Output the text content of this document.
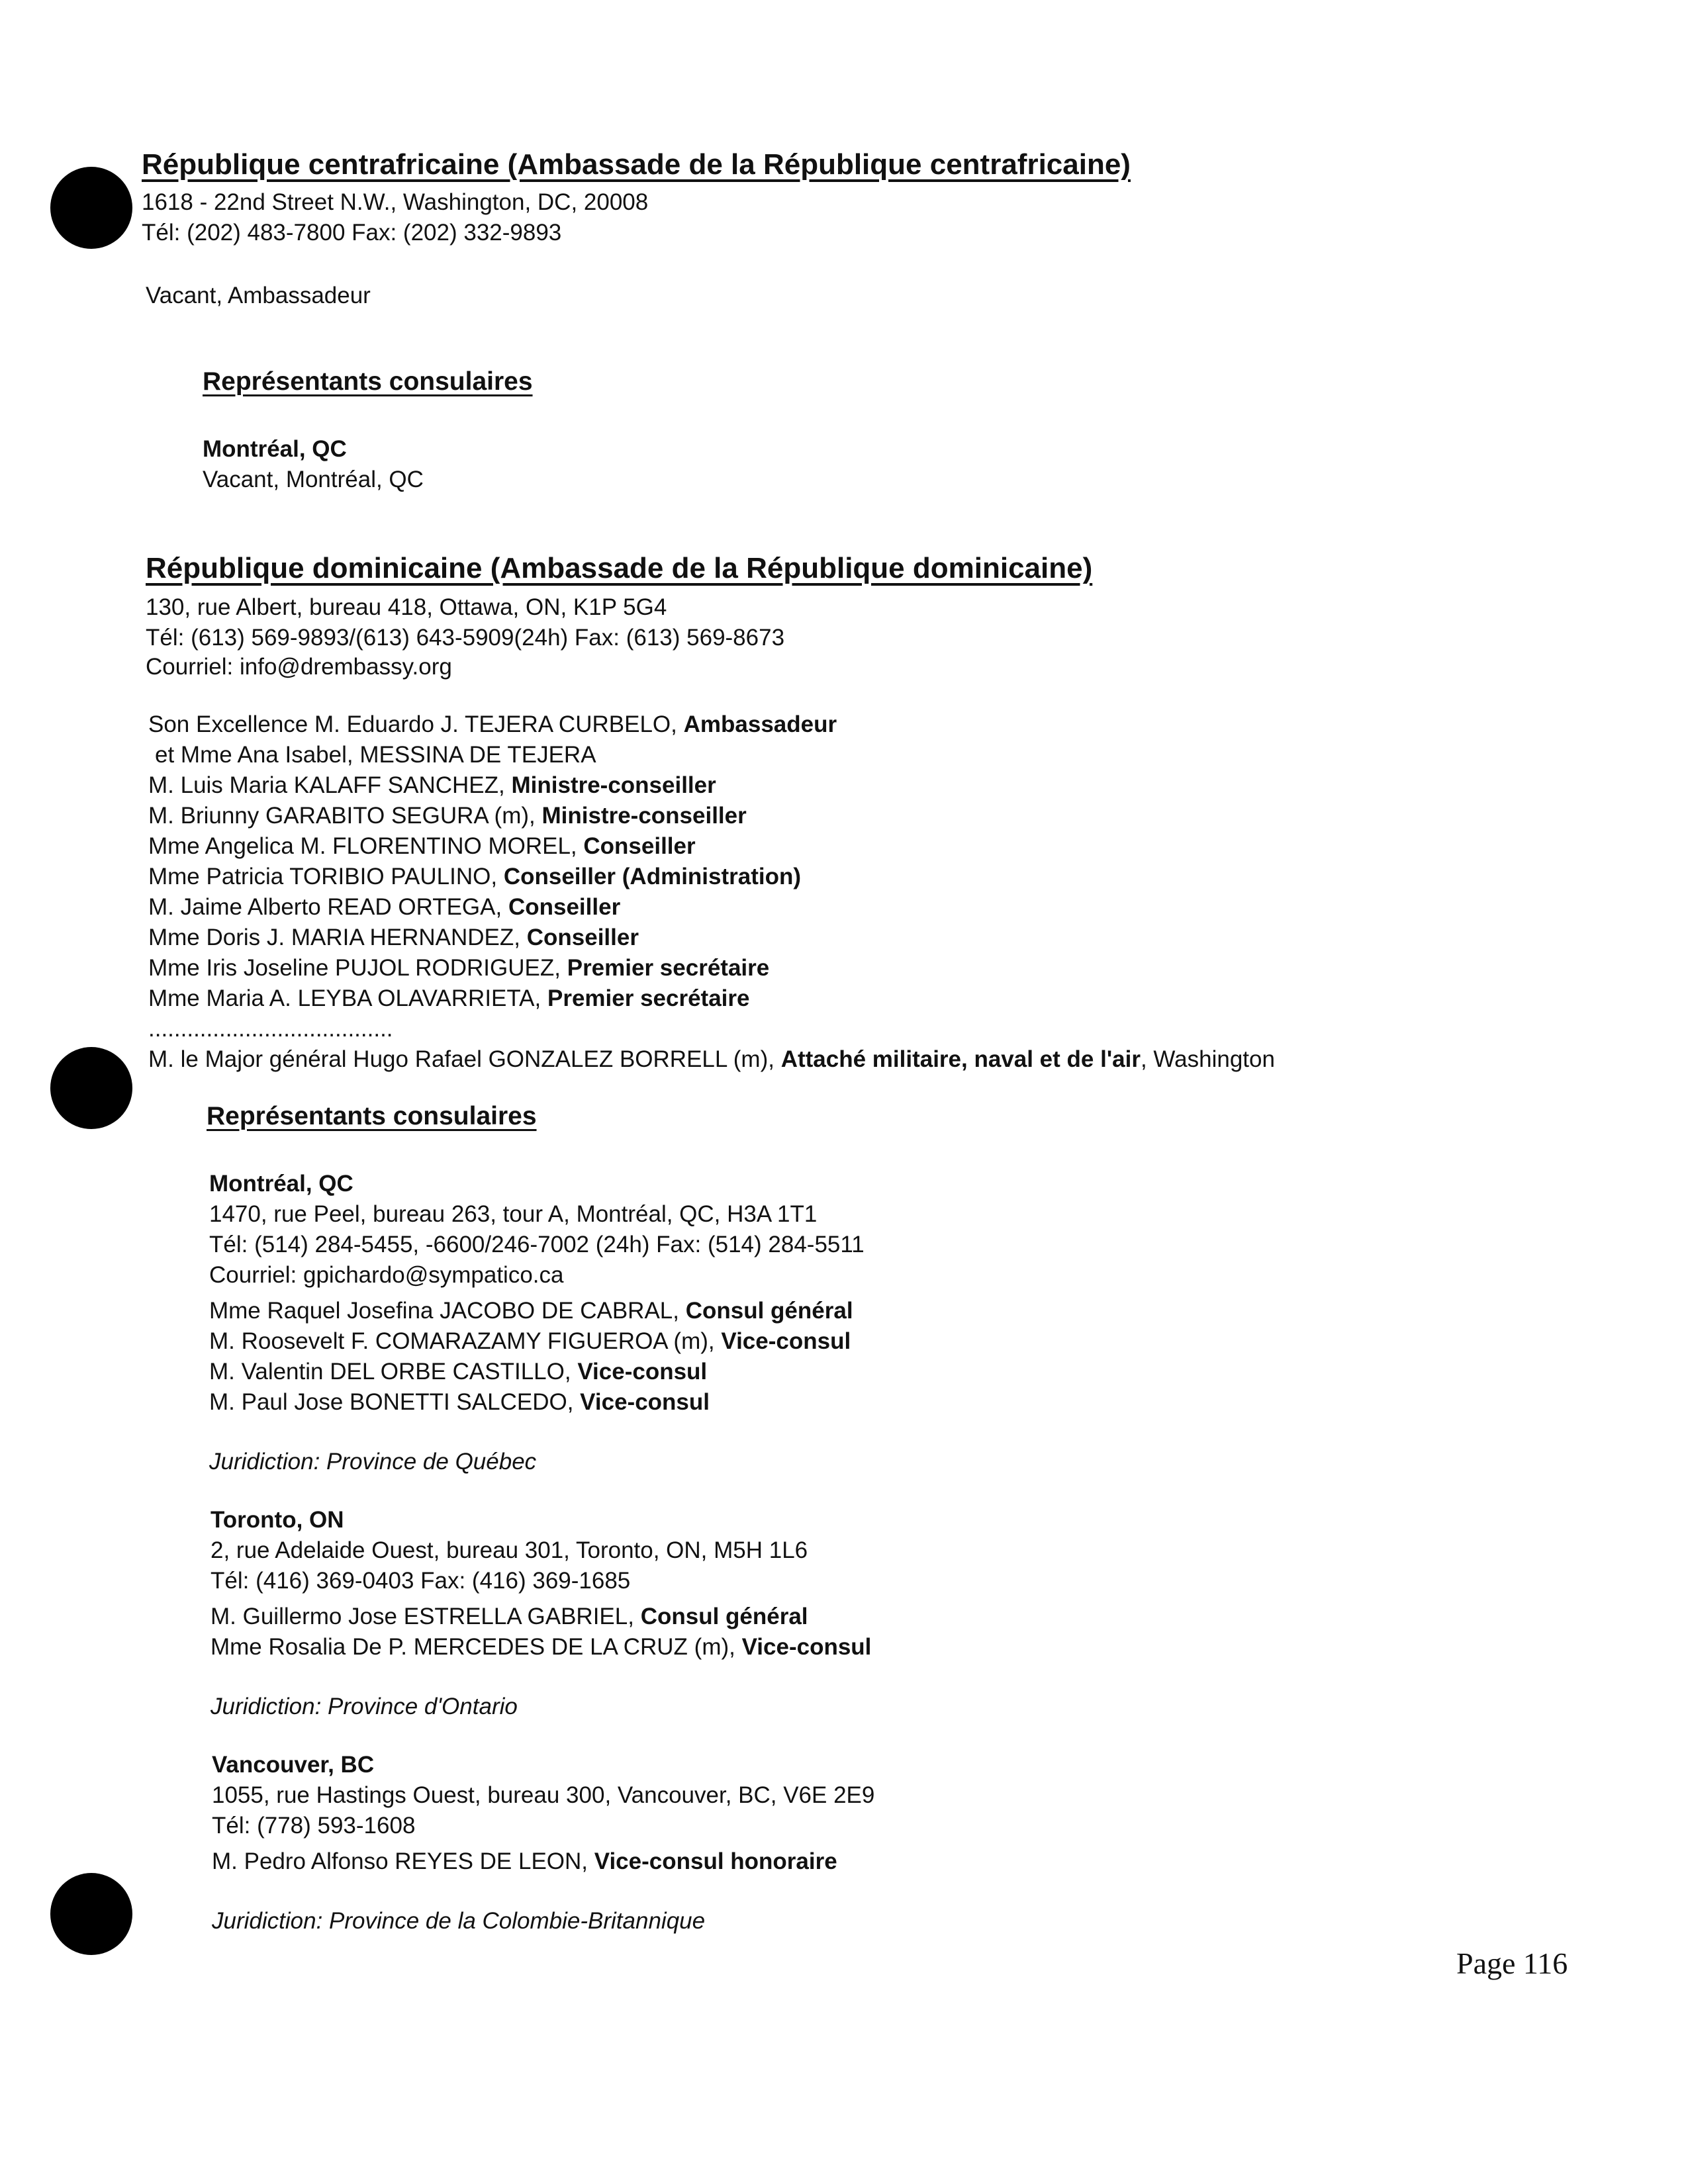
République centrafricaine (Ambassade de la République centrafricaine)
1618 - 22nd Street N.W., Washington, DC, 20008
Tél: (202) 483-7800 Fax: (202) 332-9893
Vacant, Ambassadeur
Représentants consulaires
Montréal, QC
Vacant, Montréal, QC
République dominicaine (Ambassade de la République dominicaine)
130, rue Albert, bureau 418, Ottawa, ON, K1P 5G4
Tél: (613) 569-9893/(613) 643-5909(24h) Fax: (613) 569-8673
Courriel: info@drembassy.org
Son Excellence M. Eduardo J. TEJERA CURBELO, Ambassadeur
et Mme Ana Isabel, MESSINA DE TEJERA
M. Luis Maria KALAFF SANCHEZ, Ministre-conseiller
M. Briunny GARABITO SEGURA (m), Ministre-conseiller
Mme Angelica M. FLORENTINO MOREL, Conseiller
Mme Patricia TORIBIO PAULINO, Conseiller (Administration)
M. Jaime Alberto READ ORTEGA, Conseiller
Mme Doris J. MARIA HERNANDEZ, Conseiller
Mme Iris Joseline PUJOL RODRIGUEZ, Premier secrétaire
Mme Maria A. LEYBA OLAVARRIETA, Premier secrétaire
......................................
M. le Major général Hugo Rafael GONZALEZ BORRELL (m), Attaché militaire, naval et de l'air, Washington
Représentants consulaires
Montréal, QC
1470, rue Peel, bureau 263, tour A, Montréal, QC, H3A 1T1
Tél: (514) 284-5455, -6600/246-7002 (24h) Fax: (514) 284-5511
Courriel: gpichardo@sympatico.ca
Mme Raquel Josefina JACOBO DE CABRAL, Consul général
M. Roosevelt F. COMARAZAMY FIGUEROA (m), Vice-consul
M. Valentin DEL ORBE CASTILLO, Vice-consul
M. Paul Jose BONETTI SALCEDO, Vice-consul
Juridiction: Province de Québec
Toronto, ON
2, rue Adelaide Ouest, bureau 301, Toronto, ON, M5H 1L6
Tél: (416) 369-0403 Fax: (416) 369-1685
M. Guillermo Jose ESTRELLA GABRIEL, Consul général
Mme Rosalia De P. MERCEDES DE LA CRUZ (m), Vice-consul
Juridiction: Province d'Ontario
Vancouver, BC
1055, rue Hastings Ouest, bureau 300, Vancouver, BC, V6E 2E9
Tél: (778) 593-1608
M. Pedro Alfonso REYES DE LEON, Vice-consul honoraire
Juridiction: Province de la Colombie-Britannique
Page 116
